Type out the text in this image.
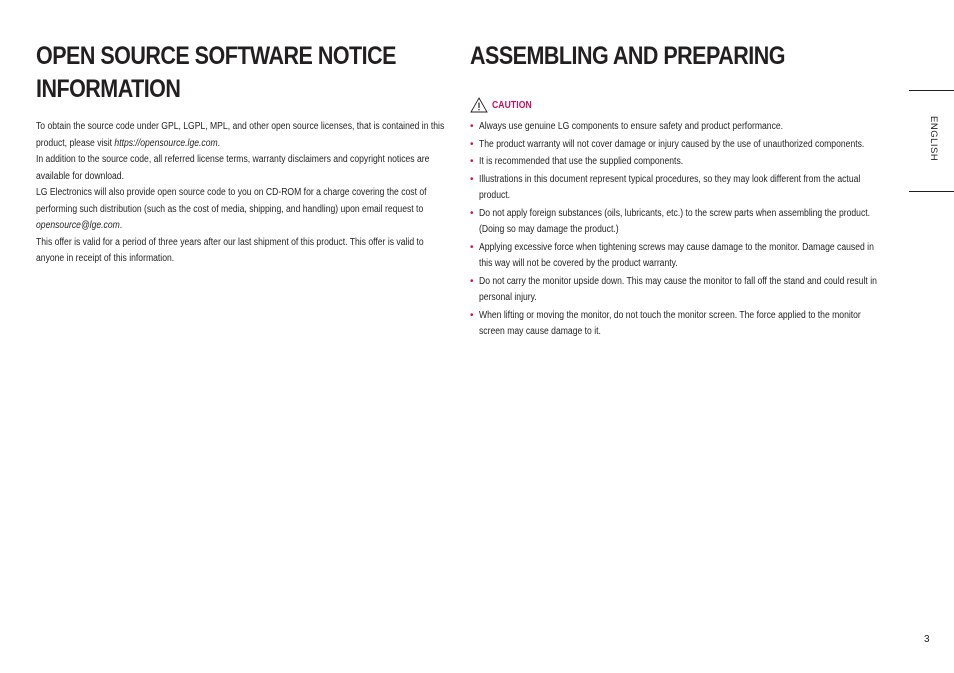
OPEN SOURCE SOFTWARE NOTICE
INFORMATION

To obtain the source code under GPL, LGPL, MPL, and other open source licenses, that is contained in this product, please visit https://opensource.lge.com.

In addition to the source code, all referred license terms, warranty disclaimers and copyright notices are available for download.

LG Electronics will also provide open source code to you on CD-ROM for a charge covering the cost of performing such distribution (such as the cost of media, shipping, and handling) upon email request to opensource@lge.com.

This offer is valid for a period of three years after our last shipment of this product. This offer is valid to anyone in receipt of this information.

ASSEMBLING AND PREPARING
CAUTION
• Always use genuine LG components to ensure safety and product performance.
• The product warranty will not cover damage or injury caused by the use of unauthorized components.
• It is recommended that use the supplied components.
• Illustrations in this document represent typical procedures, so they may look different from the actual product.
• Do not apply foreign substances (oils, lubricants, etc.) to the screw parts when assembling the product. (Doing so may damage the product.)
• Applying excessive force when tightening screws may cause damage to the monitor. Damage caused in this way will not be covered by the product warranty.
• Do not carry the monitor upside down. This may cause the monitor to fall off the stand and could result in personal injury.
• When lifting or moving the monitor, do not touch the monitor screen. The force applied to the monitor screen may cause damage to it.
ENGLISH
3
